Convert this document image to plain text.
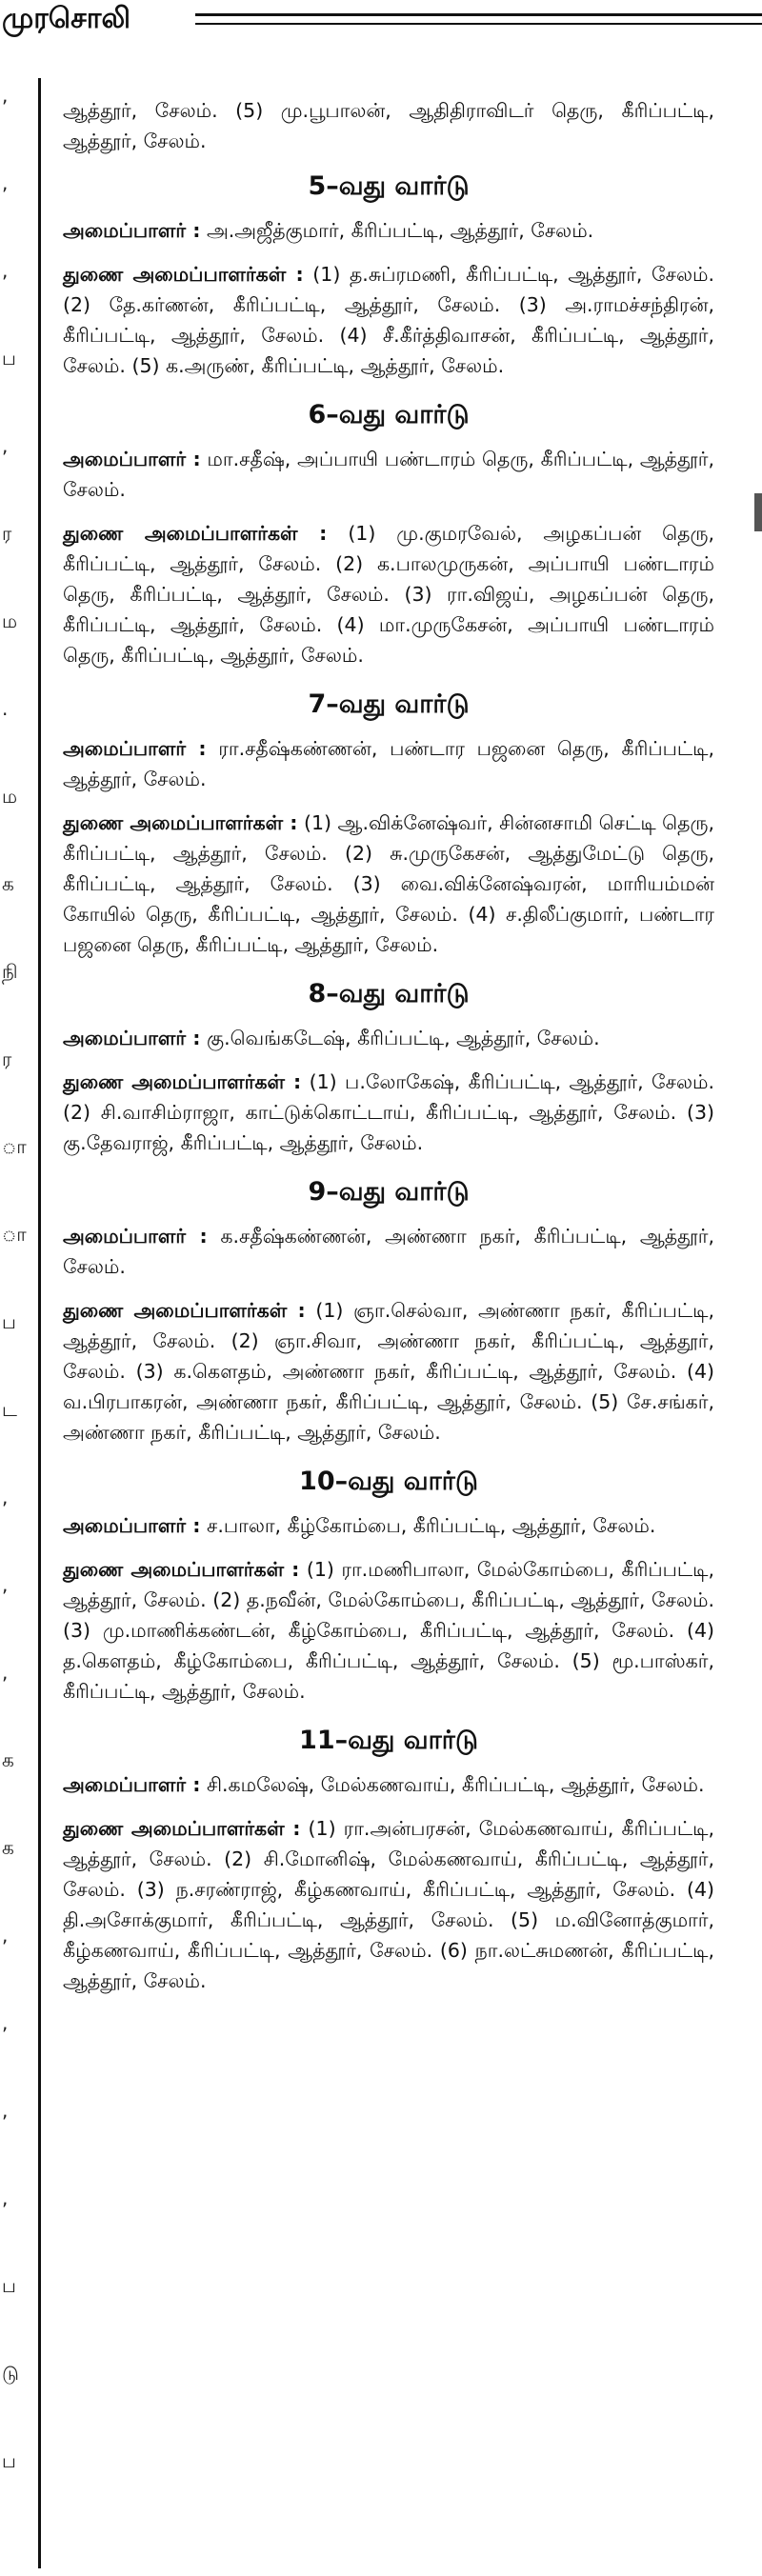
முரசொலி
,
,
,
ப
,
ர
ம
.
ம
க
நி
ர
ா
ா
ப
ட
,
,
,
க
க
,
,
,
,
ப
டு
ப

ஆத்தூர், சேலம். (5) மு.பூபாலன், ஆதிதிராவிடர் தெரு, கீரிப்பட்டி, ஆத்தூர், சேலம்.

5–வது வார்டு

அமைப்பாளர் : அ.அஜீத்குமார், கீரிப்பட்டி, ஆத்தூர், சேலம்.

துணை அமைப்பாளர்கள் : (1) த.சுப்ரமணி, கீரிப்பட்டி, ஆத்தூர், சேலம். (2) தே.கர்ணன், கீரிப்பட்டி, ஆத்தூர், சேலம். (3) அ.ராமச்சந்திரன், கீரிப்பட்டி, ஆத்தூர், சேலம். (4) சீ.கீர்த்திவாசன், கீரிப்பட்டி, ஆத்தூர், சேலம். (5) க.அருண், கீரிப்பட்டி, ஆத்தூர், சேலம்.

6–வது வார்டு

அமைப்பாளர் : மா.சதீஷ், அப்பாயி பண்டாரம் தெரு, கீரிப்பட்டி, ஆத்தூர், சேலம்.

துணை அமைப்பாளர்கள் : (1) மு.குமரவேல், அழகப்பன் தெரு, கீரிப்பட்டி, ஆத்தூர், சேலம். (2) க.பாலமுருகன், அப்பாயி பண்டாரம் தெரு, கீரிப்பட்டி, ஆத்தூர், சேலம். (3) ரா.விஜய், அழகப்பன் தெரு, கீரிப்பட்டி, ஆத்தூர், சேலம். (4) மா.முருகேசன், அப்பாயி பண்டாரம் தெரு, கீரிப்பட்டி, ஆத்தூர், சேலம்.

7–வது வார்டு

அமைப்பாளர் : ரா.சதீஷ்கண்ணன், பண்டார பஜனை தெரு, கீரிப்பட்டி, ஆத்தூர், சேலம்.

துணை அமைப்பாளர்கள் : (1) ஆ.விக்னேஷ்வர், சின்னசாமி செட்டி தெரு, கீரிப்பட்டி, ஆத்தூர், சேலம். (2) சு.முருகேசன், ஆத்துமேட்டு தெரு, கீரிப்பட்டி, ஆத்தூர், சேலம். (3) வை.விக்னேஷ்வரன், மாரியம்மன் கோயில் தெரு, கீரிப்பட்டி, ஆத்தூர், சேலம். (4) ச.திலீப்குமார், பண்டார பஜனை தெரு, கீரிப்பட்டி, ஆத்தூர், சேலம்.

8–வது வார்டு

அமைப்பாளர் : கு.வெங்கடேஷ், கீரிப்பட்டி, ஆத்தூர், சேலம்.

துணை அமைப்பாளர்கள் : (1) ப.லோகேஷ், கீரிப்பட்டி, ஆத்தூர், சேலம். (2) சி.வாசிம்ராஜா, காட்டுக்கொட்டாய், கீரிப்பட்டி, ஆத்தூர், சேலம். (3) கு.தேவராஜ், கீரிப்பட்டி, ஆத்தூர், சேலம்.

9–வது வார்டு

அமைப்பாளர் : க.சதீஷ்கண்ணன், அண்ணா நகர், கீரிப்பட்டி, ஆத்தூர், சேலம்.

துணை அமைப்பாளர்கள் : (1) ஞா.செல்வா, அண்ணா நகர், கீரிப்பட்டி, ஆத்தூர், சேலம். (2) ஞா.சிவா, அண்ணா நகர், கீரிப்பட்டி, ஆத்தூர், சேலம். (3) க.கௌதம், அண்ணா நகர், கீரிப்பட்டி, ஆத்தூர், சேலம். (4) வ.பிரபாகரன், அண்ணா நகர், கீரிப்பட்டி, ஆத்தூர், சேலம். (5) சே.சங்கர், அண்ணா நகர், கீரிப்பட்டி, ஆத்தூர், சேலம்.

10–வது வார்டு

அமைப்பாளர் : ச.பாலா, கீழ்கோம்பை, கீரிப்பட்டி, ஆத்தூர், சேலம்.

துணை அமைப்பாளர்கள் : (1) ரா.மணிபாலா, மேல்கோம்பை, கீரிப்பட்டி, ஆத்தூர், சேலம். (2) த.நவீன், மேல்கோம்பை, கீரிப்பட்டி, ஆத்தூர், சேலம். (3) மு.மாணிக்கண்டன், கீழ்கோம்பை, கீரிப்பட்டி, ஆத்தூர், சேலம். (4) த.கௌதம், கீழ்கோம்பை, கீரிப்பட்டி, ஆத்தூர், சேலம். (5) மூ.பாஸ்கர், கீரிப்பட்டி, ஆத்தூர், சேலம்.

11–வது வார்டு

அமைப்பாளர் : சி.கமலேஷ், மேல்கணவாய், கீரிப்பட்டி, ஆத்தூர், சேலம்.

துணை அமைப்பாளர்கள் : (1) ரா.அன்பரசன், மேல்கணவாய், கீரிப்பட்டி, ஆத்தூர், சேலம். (2) சி.மோனிஷ், மேல்கணவாய், கீரிப்பட்டி, ஆத்தூர், சேலம். (3) ந.சரண்ராஜ், கீழ்கணவாய், கீரிப்பட்டி, ஆத்தூர், சேலம். (4) தி.அசோக்குமார், கீரிப்பட்டி, ஆத்தூர், சேலம். (5) ம.வினோத்குமார், கீழ்கணவாய், கீரிப்பட்டி, ஆத்தூர், சேலம். (6) நா.லட்சுமணன், கீரிப்பட்டி, ஆத்தூர், சேலம்.
